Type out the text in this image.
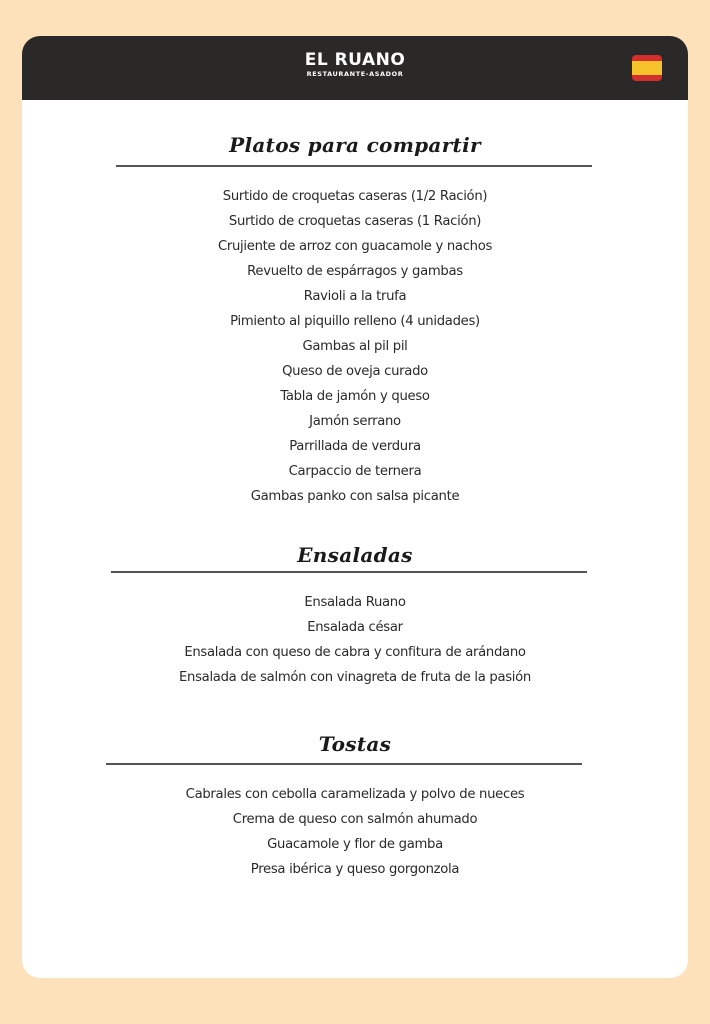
EL RUANO
RESTAURANTE-ASADOR
Platos para compartir
Surtido de croquetas caseras (1/2 Ración)
Surtido de croquetas caseras (1 Ración)
Crujiente de arroz con guacamole y nachos
Revuelto de espárragos y gambas
Ravioli a la trufa
Pimiento al piquillo relleno (4 unidades)
Gambas al pil pil
Queso de oveja curado
Tabla de jamón y queso
Jamón serrano
Parrillada de verdura
Carpaccio de ternera
Gambas panko con salsa picante
Ensaladas
Ensalada Ruano
Ensalada césar
Ensalada con queso de cabra y confitura de arándano
Ensalada de salmón con vinagreta de fruta de la pasión
Tostas
Cabrales con cebolla caramelizada y polvo de nueces
Crema de queso con salmón ahumado
Guacamole y flor de gamba
Presa ibérica y queso gorgonzola
